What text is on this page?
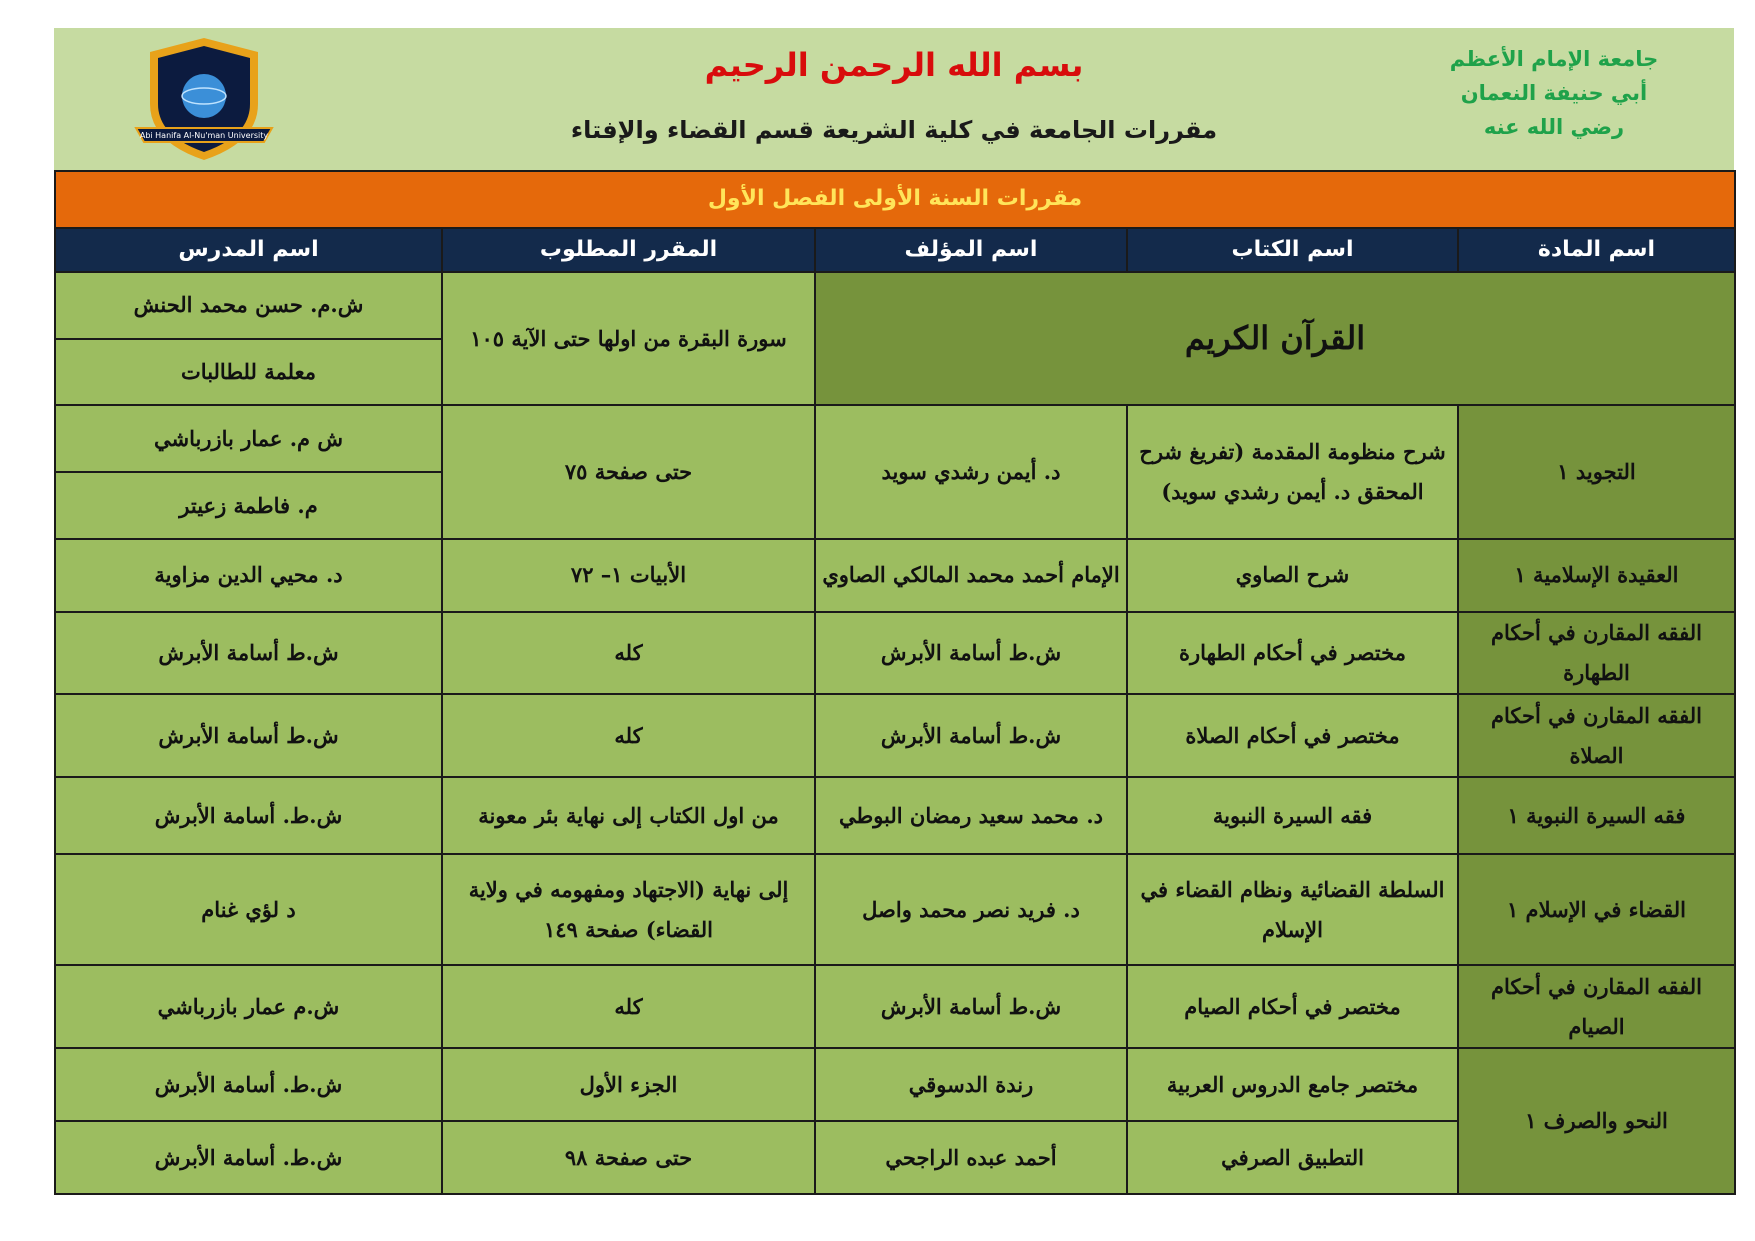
جامعة الإمام الأعظم
أبي حنيفة النعمان
رضي الله عنه
بسم الله الرحمن الرحيم
مقررات الجامعة في كلية الشريعة قسم القضاء والإفتاء
Abi Hanifa Al-Nu'man University
مقررات السنة الأولى الفصل الأول				
اسم المادة	اسم الكتاب	اسم المؤلف	المقرر المطلوب	اسم المدرس
القرآن الكريم			سورة البقرة من اولها حتى الآية ١٠٥	ش.م. حسن محمد الحنش
				معلمة للطالبات
التجويد ١	شرح منظومة المقدمة (تفريغ شرح المحقق د. أيمن رشدي سويد)	د. أيمن رشدي سويد	حتى صفحة ٧٥	ش م. عمار بازرباشي
				م. فاطمة زعيتر
العقيدة الإسلامية ١	شرح الصاوي	الإمام أحمد محمد المالكي الصاوي	الأبيات ١– ٧٢	د. محيي الدين مزاوية
الفقه المقارن في أحكام الطهارة	مختصر في أحكام الطهارة	ش.ط أسامة الأبرش	كله	ش.ط أسامة الأبرش
الفقه المقارن في أحكام الصلاة	مختصر في أحكام الصلاة	ش.ط أسامة الأبرش	كله	ش.ط أسامة الأبرش
فقه السيرة النبوية ١	فقه السيرة النبوية	د. محمد سعيد رمضان البوطي	من اول الكتاب إلى نهاية بئر معونة	ش.ط. أسامة الأبرش
القضاء في الإسلام ١	السلطة القضائية ونظام القضاء في الإسلام	د. فريد نصر محمد واصل	إلى نهاية (الاجتهاد ومفهومه في ولاية القضاء) صفحة ١٤٩	د لؤي غنام
الفقه المقارن في أحكام الصيام	مختصر في أحكام الصيام	ش.ط أسامة الأبرش	كله	ش.م عمار بازرباشي
النحو والصرف ١	مختصر جامع الدروس العربية	رندة الدسوقي	الجزء الأول	ش.ط. أسامة الأبرش
	التطبيق الصرفي	أحمد عبده الراجحي	حتى صفحة ٩٨	ش.ط. أسامة الأبرش
